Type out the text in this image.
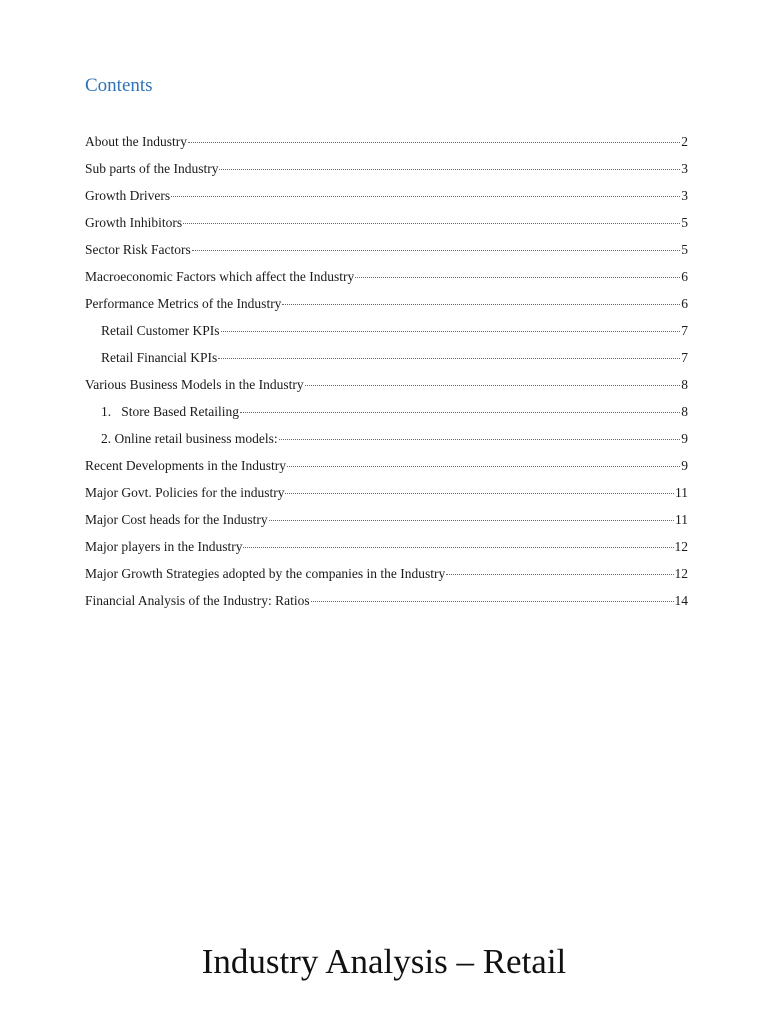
Contents
About the Industry	2
Sub parts of the Industry	3
Growth Drivers	3
Growth Inhibitors	5
Sector Risk Factors	5
Macroeconomic Factors which affect the Industry	6
Performance Metrics of the Industry	6
Retail Customer KPIs	7
Retail Financial KPIs	7
Various Business Models in the Industry	8
1.   Store Based Retailing	8
2. Online retail business models:	9
Recent Developments in the Industry	9
Major Govt. Policies for the industry	11
Major Cost heads for the Industry	11
Major players in the Industry	12
Major Growth Strategies adopted by the companies in the Industry	12
Financial Analysis of the Industry: Ratios	14
Industry Analysis – Retail
